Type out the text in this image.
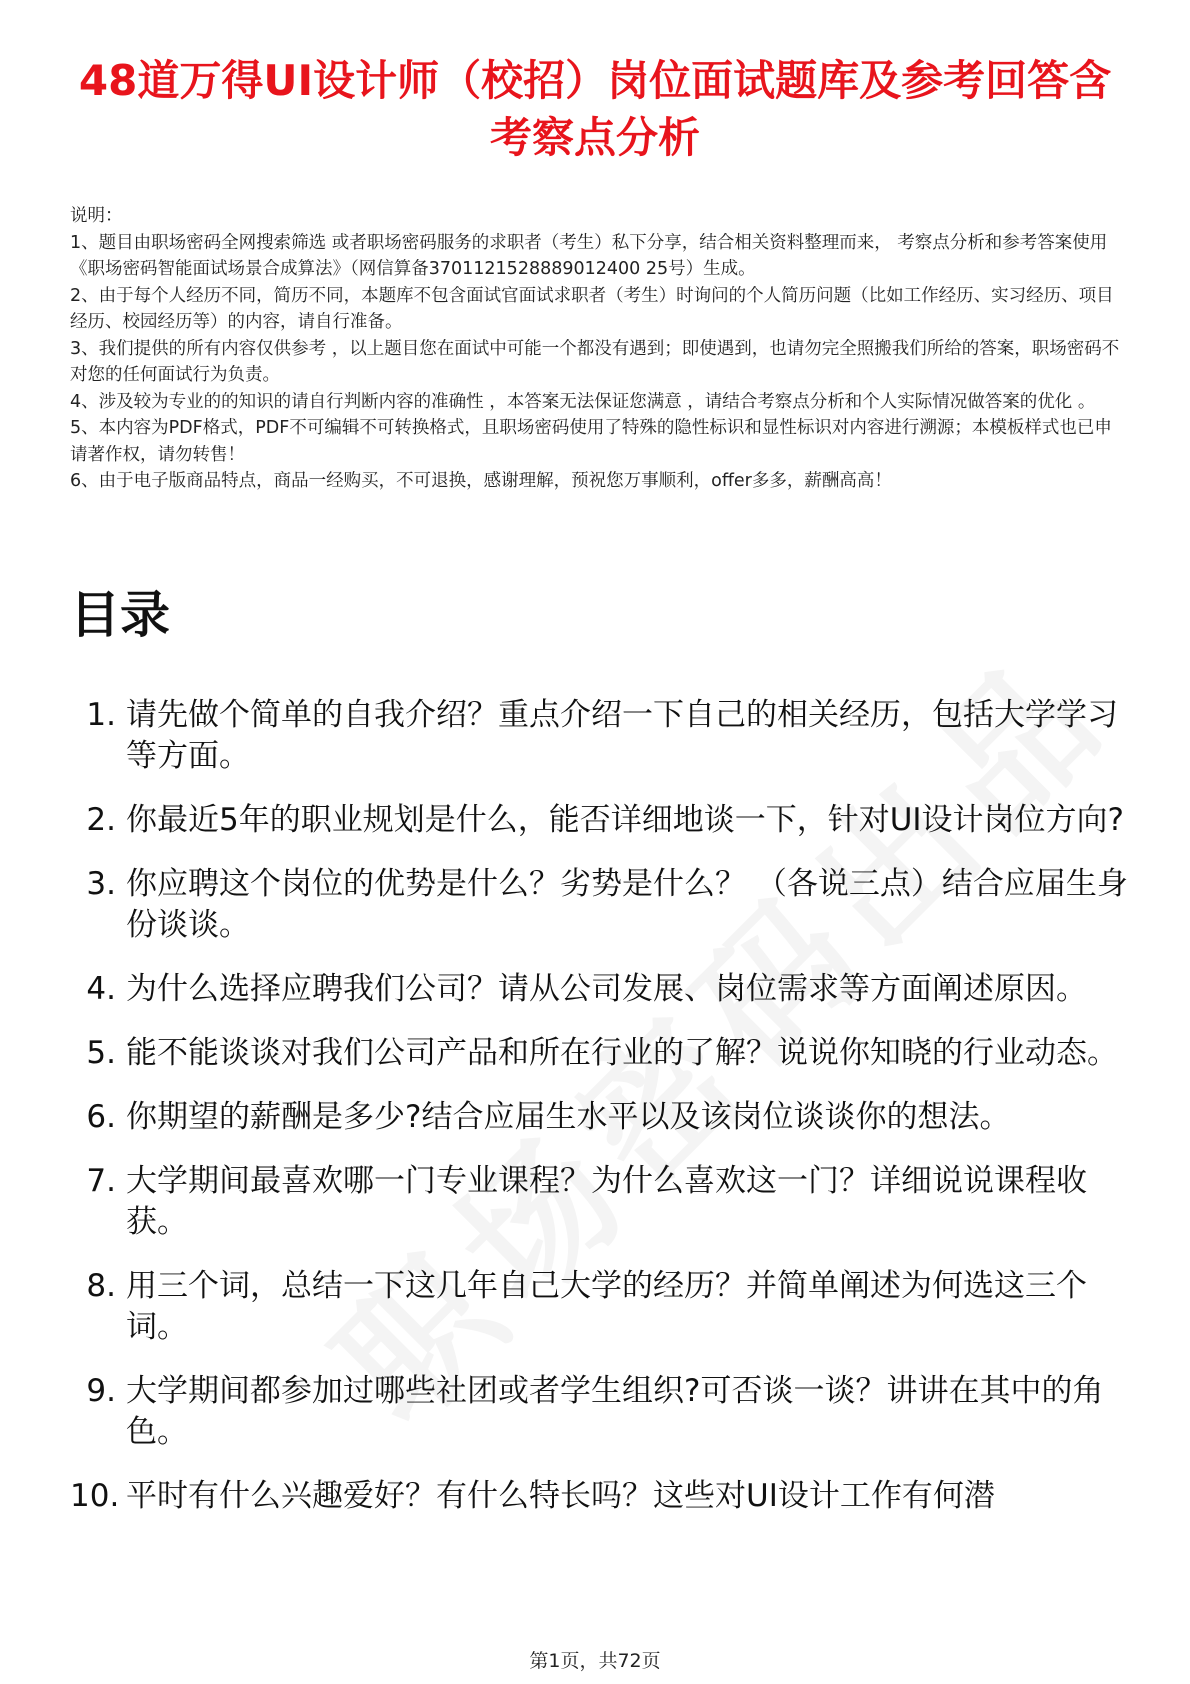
48道万得UI设计师（校招）岗位面试题库及参考回答含考察点分析

说明：

1、题目由职场密码全网搜索筛选 或者职场密码服务的求职者（考生）私下分享，结合相关资料整理而来， 考察点分析和参考答案使用《职场密码智能面试场景合成算法》（网信算备3701121528889012400 25号）生成。

2、由于每个人经历不同，简历不同，本题库不包含面试官面试求职者（考生）时询问的个人简历问题（比如工作经历、实习经历、项目经历、校园经历等）的内容，请自行准备。

3、我们提供的所有内容仅供参考 ，以上题目您在面试中可能一个都没有遇到；即使遇到，也请勿完全照搬我们所给的答案，职场密码不对您的任何面试行为负责。

4、涉及较为专业的的知识的请自行判断内容的准确性 ，本答案无法保证您满意 ，请结合考察点分析和个人实际情况做答案的优化 。

5、本内容为PDF格式，PDF不可编辑不可转换格式，且职场密码使用了特殊的隐性标识和显性标识对内容进行溯源；本模板样式也已申请著作权，请勿转售！

6、由于电子版商品特点，商品一经购买，不可退换，感谢理解，预祝您万事顺利，offer多多，薪酬高高！

目录
1. 请先做个简单的自我介绍？重点介绍一下自己的相关经历，包括大学学习等方面。
2. 你最近5年的职业规划是什么，能否详细地谈一下，针对UI设计岗位方向?
3. 你应聘这个岗位的优势是什么？劣势是什么？ （各说三点）结合应届生身份谈谈。
4. 为什么选择应聘我们公司？请从公司发展、岗位需求等方面阐述原因。
5. 能不能谈谈对我们公司产品和所在行业的了解？说说你知晓的行业动态。
6. 你期望的薪酬是多少?结合应届生水平以及该岗位谈谈你的想法。
7. 大学期间最喜欢哪一门专业课程？为什么喜欢这一门？详细说说课程收获。
8. 用三个词，总结一下这几年自己大学的经历？并简单阐述为何选这三个词。
9. 大学期间都参加过哪些社团或者学生组织?可否谈一谈？讲讲在其中的角色。
10. 平时有什么兴趣爱好？有什么特长吗？这些对UI设计工作有何潜
第1页，共72页
